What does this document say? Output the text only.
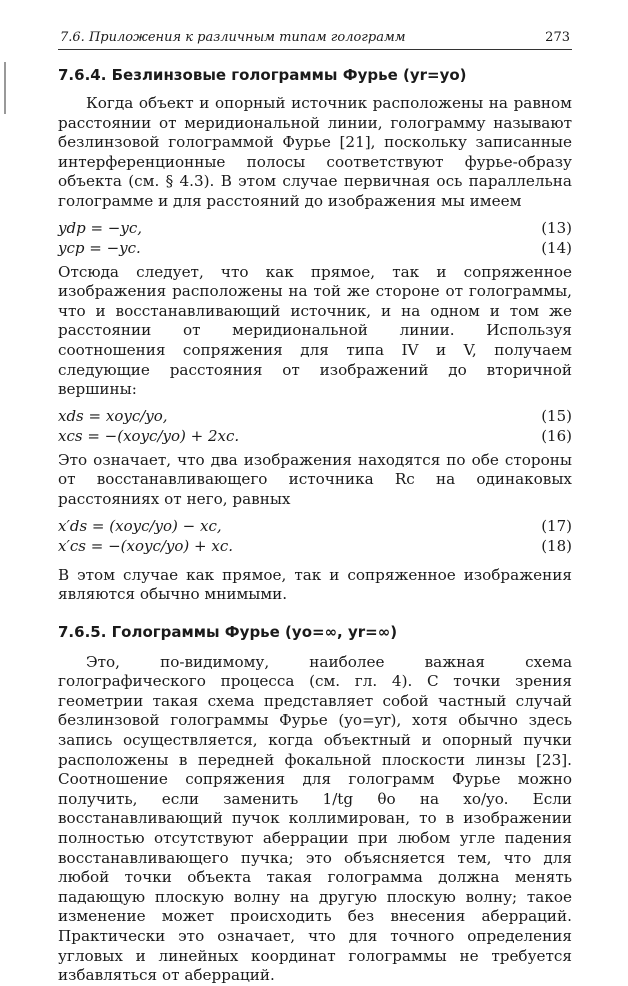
7.6. Приложения к различным типам голограмм	273
7.6.4. Безлинзовые голограммы Фурье (yr=yo)

Когда объект и опорный источник расположены на равном расстоянии от меридиональной линии, голограмму называют безлинзовой голограммой Фурье [21], поскольку записанные интерференционные полосы соответствуют фурье-образу объекта (см. § 4.3). В этом случае первичная ось параллельна голограмме и для расстояний до изображения мы имеем

ydp = −yc,	(13)
ycp = −yc.	(14)

Отсюда следует, что как прямое, так и сопряженное изображения расположены на той же стороне от голограммы, что и восстанавливающий источник, и на одном и том же расстоянии от меридиональной линии. Используя соотношения сопряжения для типа IV и V, получаем следующие расстояния от изображений до вторичной вершины:

xds = xoyc/yo,	(15)
xcs = −(xoyc/yo) + 2xc.	(16)

Это означает, что два изображения находятся по обе стороны от восстанавливающего источника Rc на одинаковых расстояниях от него, равных

x′ds = (xoyc/yo) − xc,	(17)
x′cs = −(xoyc/yo) + xc.	(18)

В этом случае как прямое, так и сопряженное изображения являются обычно мнимыми.

7.6.5. Голограммы Фурье (yo=∞, yr=∞)

Это, по-видимому, наиболее важная схема голографического процесса (см. гл. 4). С точки зрения геометрии такая схема представляет собой частный случай безлинзовой голограммы Фурье (yo=yr), хотя обычно здесь запись осуществляется, когда объектный и опорный пучки расположены в передней фокальной плоскости линзы [23]. Соотношение сопряжения для голограмм Фурье можно получить, если заменить 1/tg θo на xo/yo. Если восстанавливающий пучок коллимирован, то в изображении полностью отсутствуют аберрации при любом угле падения восстанавливающего пучка; это объясняется тем, что для любой точки объекта такая голограмма должна менять падающую плоскую волну на другую плоскую волну; такое изменение может происходить без внесения аберраций. Практически это означает, что для точного определения угловых и линейных координат голограммы не требуется избавляться от аберраций.
